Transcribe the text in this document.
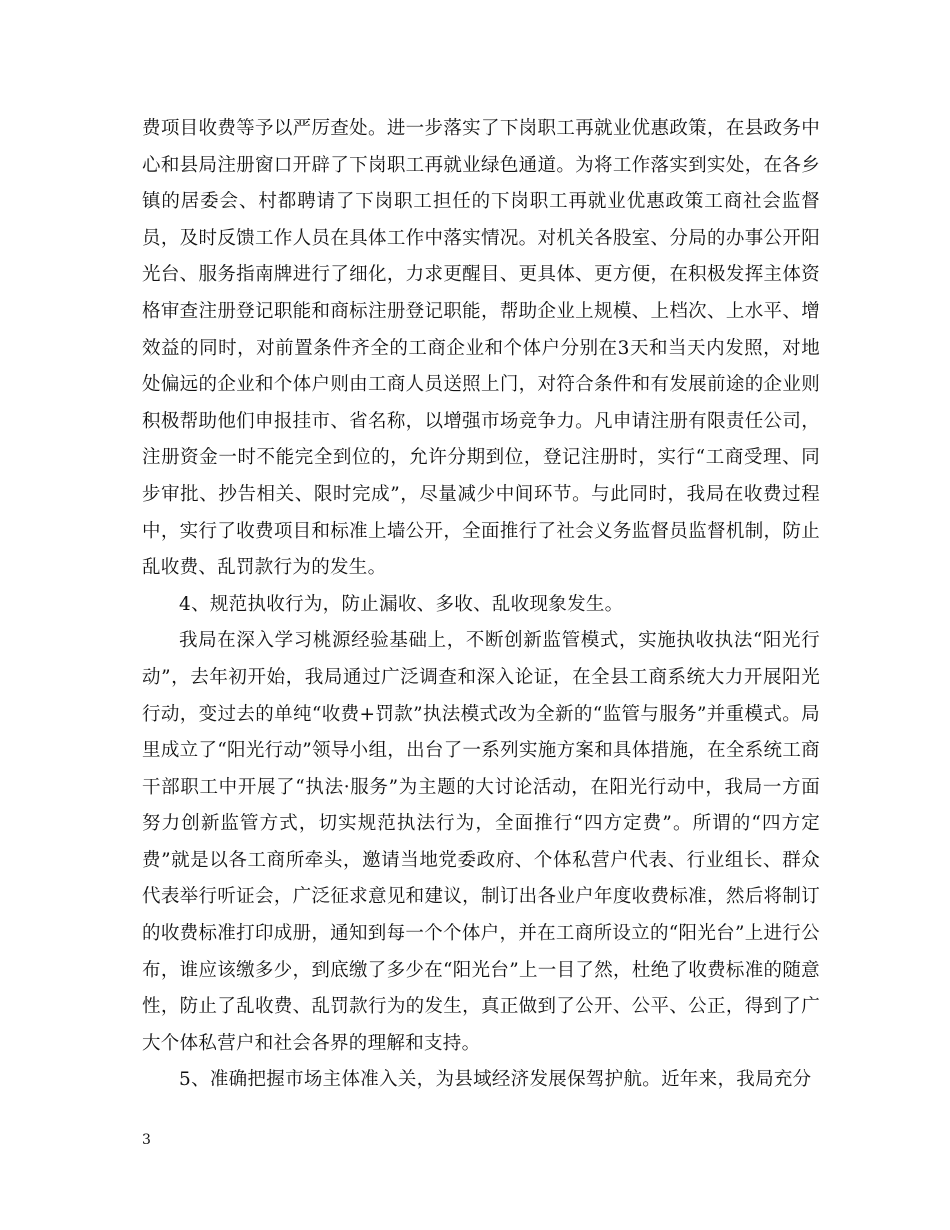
费项目收费等予以严厉查处。进一步落实了下岗职工再就业优惠政策，在县政务中心和县局注册窗口开辟了下岗职工再就业绿色通道。为将工作落实到实处，在各乡镇的居委会、村都聘请了下岗职工担任的下岗职工再就业优惠政策工商社会监督员，及时反馈工作人员在具体工作中落实情况。对机关各股室、分局的办事公开阳光台、服务指南牌进行了细化，力求更醒目、更具体、更方便，在积极发挥主体资格审查注册登记职能和商标注册登记职能，帮助企业上规模、上档次、上水平、增效益的同时，对前置条件齐全的工商企业和个体户分别在3天和当天内发照，对地处偏远的企业和个体户则由工商人员送照上门，对符合条件和有发展前途的企业则积极帮助他们申报挂市、省名称，以增强市场竞争力。凡申请注册有限责任公司，注册资金一时不能完全到位的，允许分期到位，登记注册时，实行“工商受理、同步审批、抄告相关、限时完成”，尽量减少中间环节。与此同时，我局在收费过程中，实行了收费项目和标准上墙公开，全面推行了社会义务监督员监督机制，防止乱收费、乱罚款行为的发生。

4、规范执收行为，防止漏收、多收、乱收现象发生。

我局在深入学习桃源经验基础上，不断创新监管模式，实施执收执法“阳光行动”，去年初开始，我局通过广泛调查和深入论证，在全县工商系统大力开展阳光行动，变过去的单纯“收费+罚款”执法模式改为全新的“监管与服务”并重模式。局里成立了“阳光行动”领导小组，出台了一系列实施方案和具体措施，在全系统工商干部职工中开展了“执法·服务”为主题的大讨论活动，在阳光行动中，我局一方面努力创新监管方式，切实规范执法行为，全面推行“四方定费”。所谓的“四方定费”就是以各工商所牵头，邀请当地党委政府、个体私营户代表、行业组长、群众代表举行听证会，广泛征求意见和建议，制订出各业户年度收费标准，然后将制订的收费标准打印成册，通知到每一个个体户，并在工商所设立的“阳光台”上进行公布，谁应该缴多少，到底缴了多少在“阳光台”上一目了然，杜绝了收费标准的随意性，防止了乱收费、乱罚款行为的发生，真正做到了公开、公平、公正，得到了广大个体私营户和社会各界的理解和支持。

5、准确把握市场主体准入关，为县域经济发展保驾护航。近年来，我局充分

3
